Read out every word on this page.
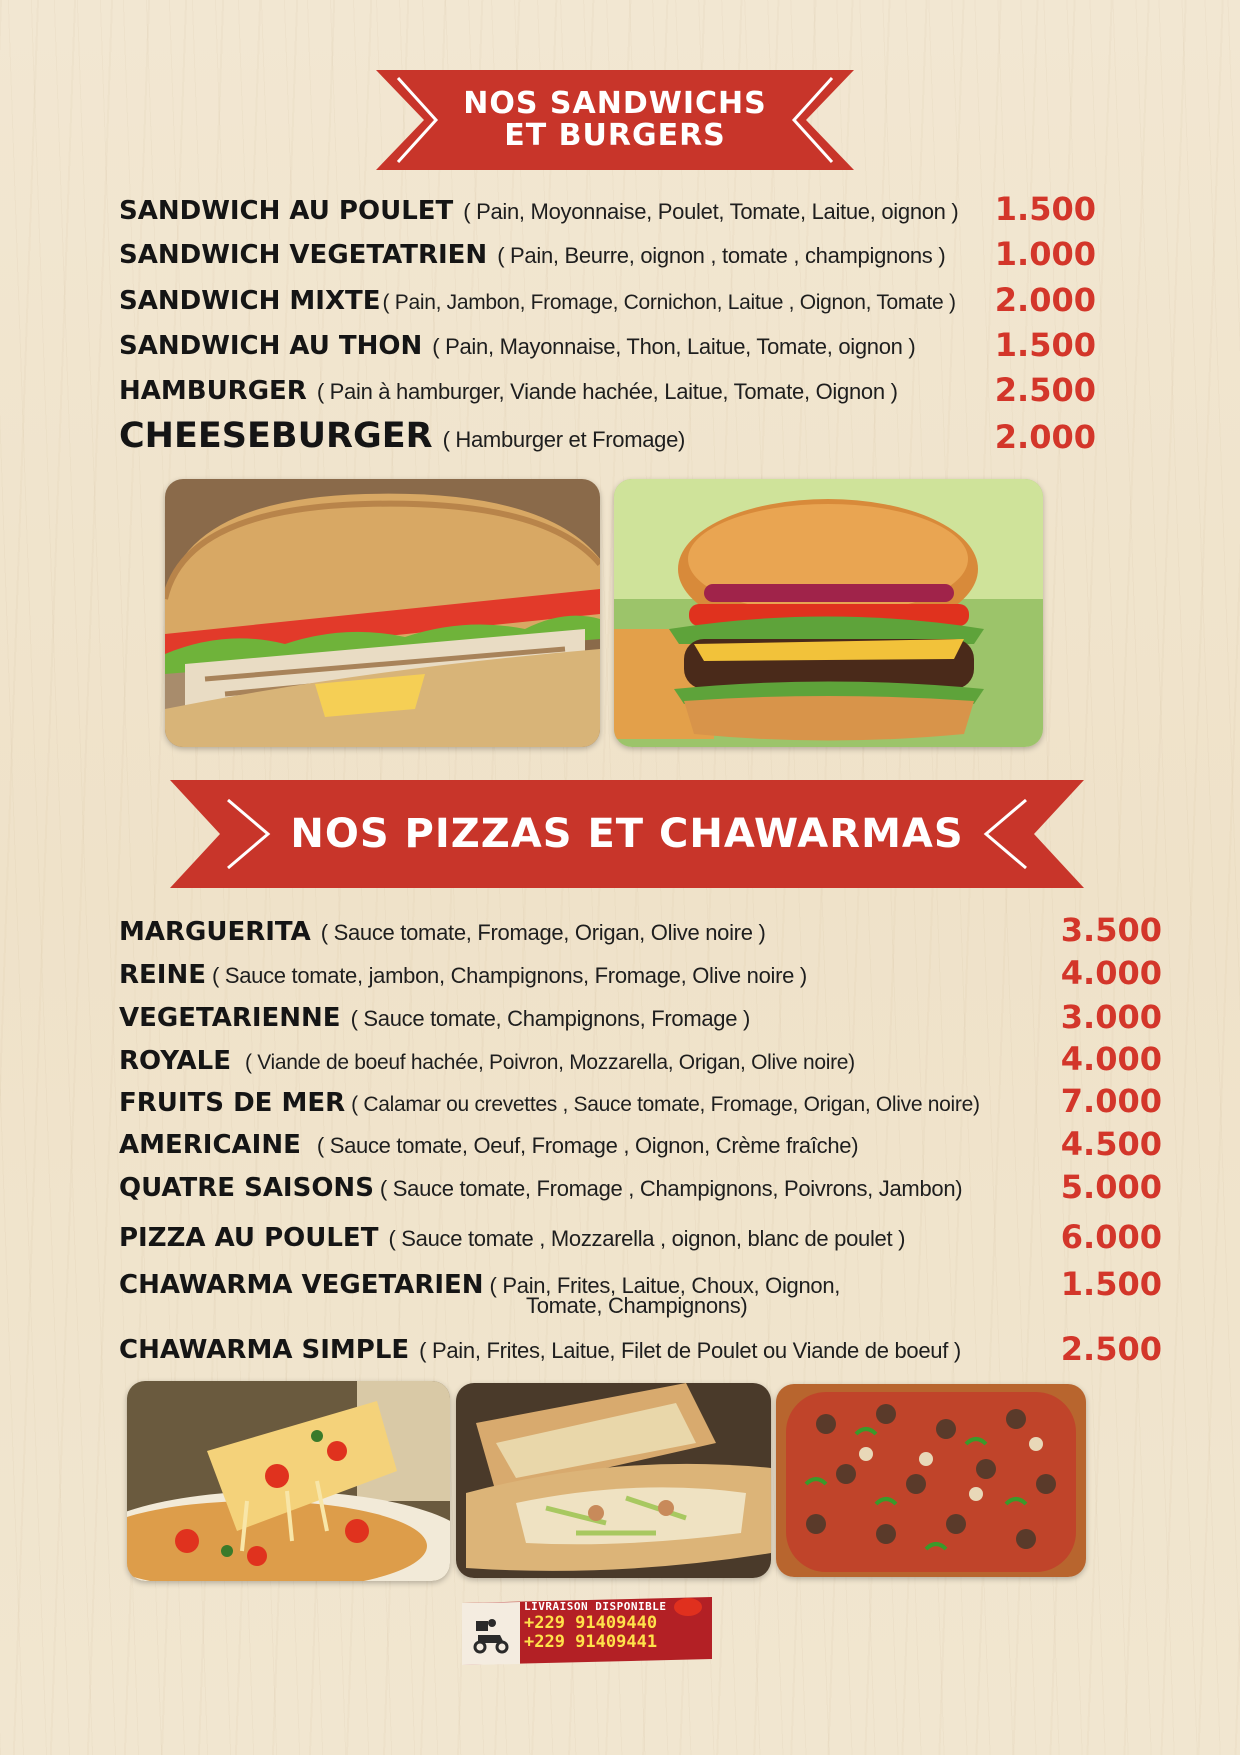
NOS SANDWICHS
ET BURGERS
SANDWICH AU POULET ( Pain, Moyonnaise, Poulet, Tomate, Laitue, oignon )	1.500
SANDWICH VEGETATRIEN ( Pain, Beurre, oignon , tomate , champignons )	1.000
SANDWICH MIXTE ( Pain, Jambon, Fromage, Cornichon, Laitue , Oignon, Tomate )	2.000
SANDWICH AU THON ( Pain, Mayonnaise, Thon, Laitue, Tomate, oignon )	1.500
HAMBURGER ( Pain à hamburger, Viande hachée, Laitue, Tomate, Oignon )	2.500
CHEESEBURGER ( Hamburger et Fromage)	2.000
NOS PIZZAS ET CHAWARMAS
MARGUERITA ( Sauce tomate, Fromage, Origan, Olive noire )	3.500
REINE ( Sauce tomate, jambon, Champignons, Fromage, Olive noire )	4.000
VEGETARIENNE ( Sauce tomate, Champignons, Fromage )	3.000
ROYALE ( Viande de boeuf hachée, Poivron, Mozzarella, Origan, Olive noire)	4.000
FRUITS DE MER ( Calamar ou crevettes , Sauce tomate, Fromage, Origan, Olive noire)	7.000
AMERICAINE ( Sauce tomate, Oeuf, Fromage , Oignon, Crème fraîche)	4.500
QUATRE SAISONS ( Sauce tomate, Fromage , Champignons, Poivrons, Jambon)	5.000
PIZZA AU POULET ( Sauce tomate , Mozzarella , oignon, blanc de poulet )	6.000
CHAWARMA VEGETARIEN ( Pain, Frites, Laitue, Choux, Oignon,
Tomate, Champignons)
1.500
CHAWARMA SIMPLE ( Pain, Frites, Laitue, Filet de Poulet ou Viande de boeuf )	2.500
LIVRAISON DISPONIBLE
+229 91409440
+229 91409441
